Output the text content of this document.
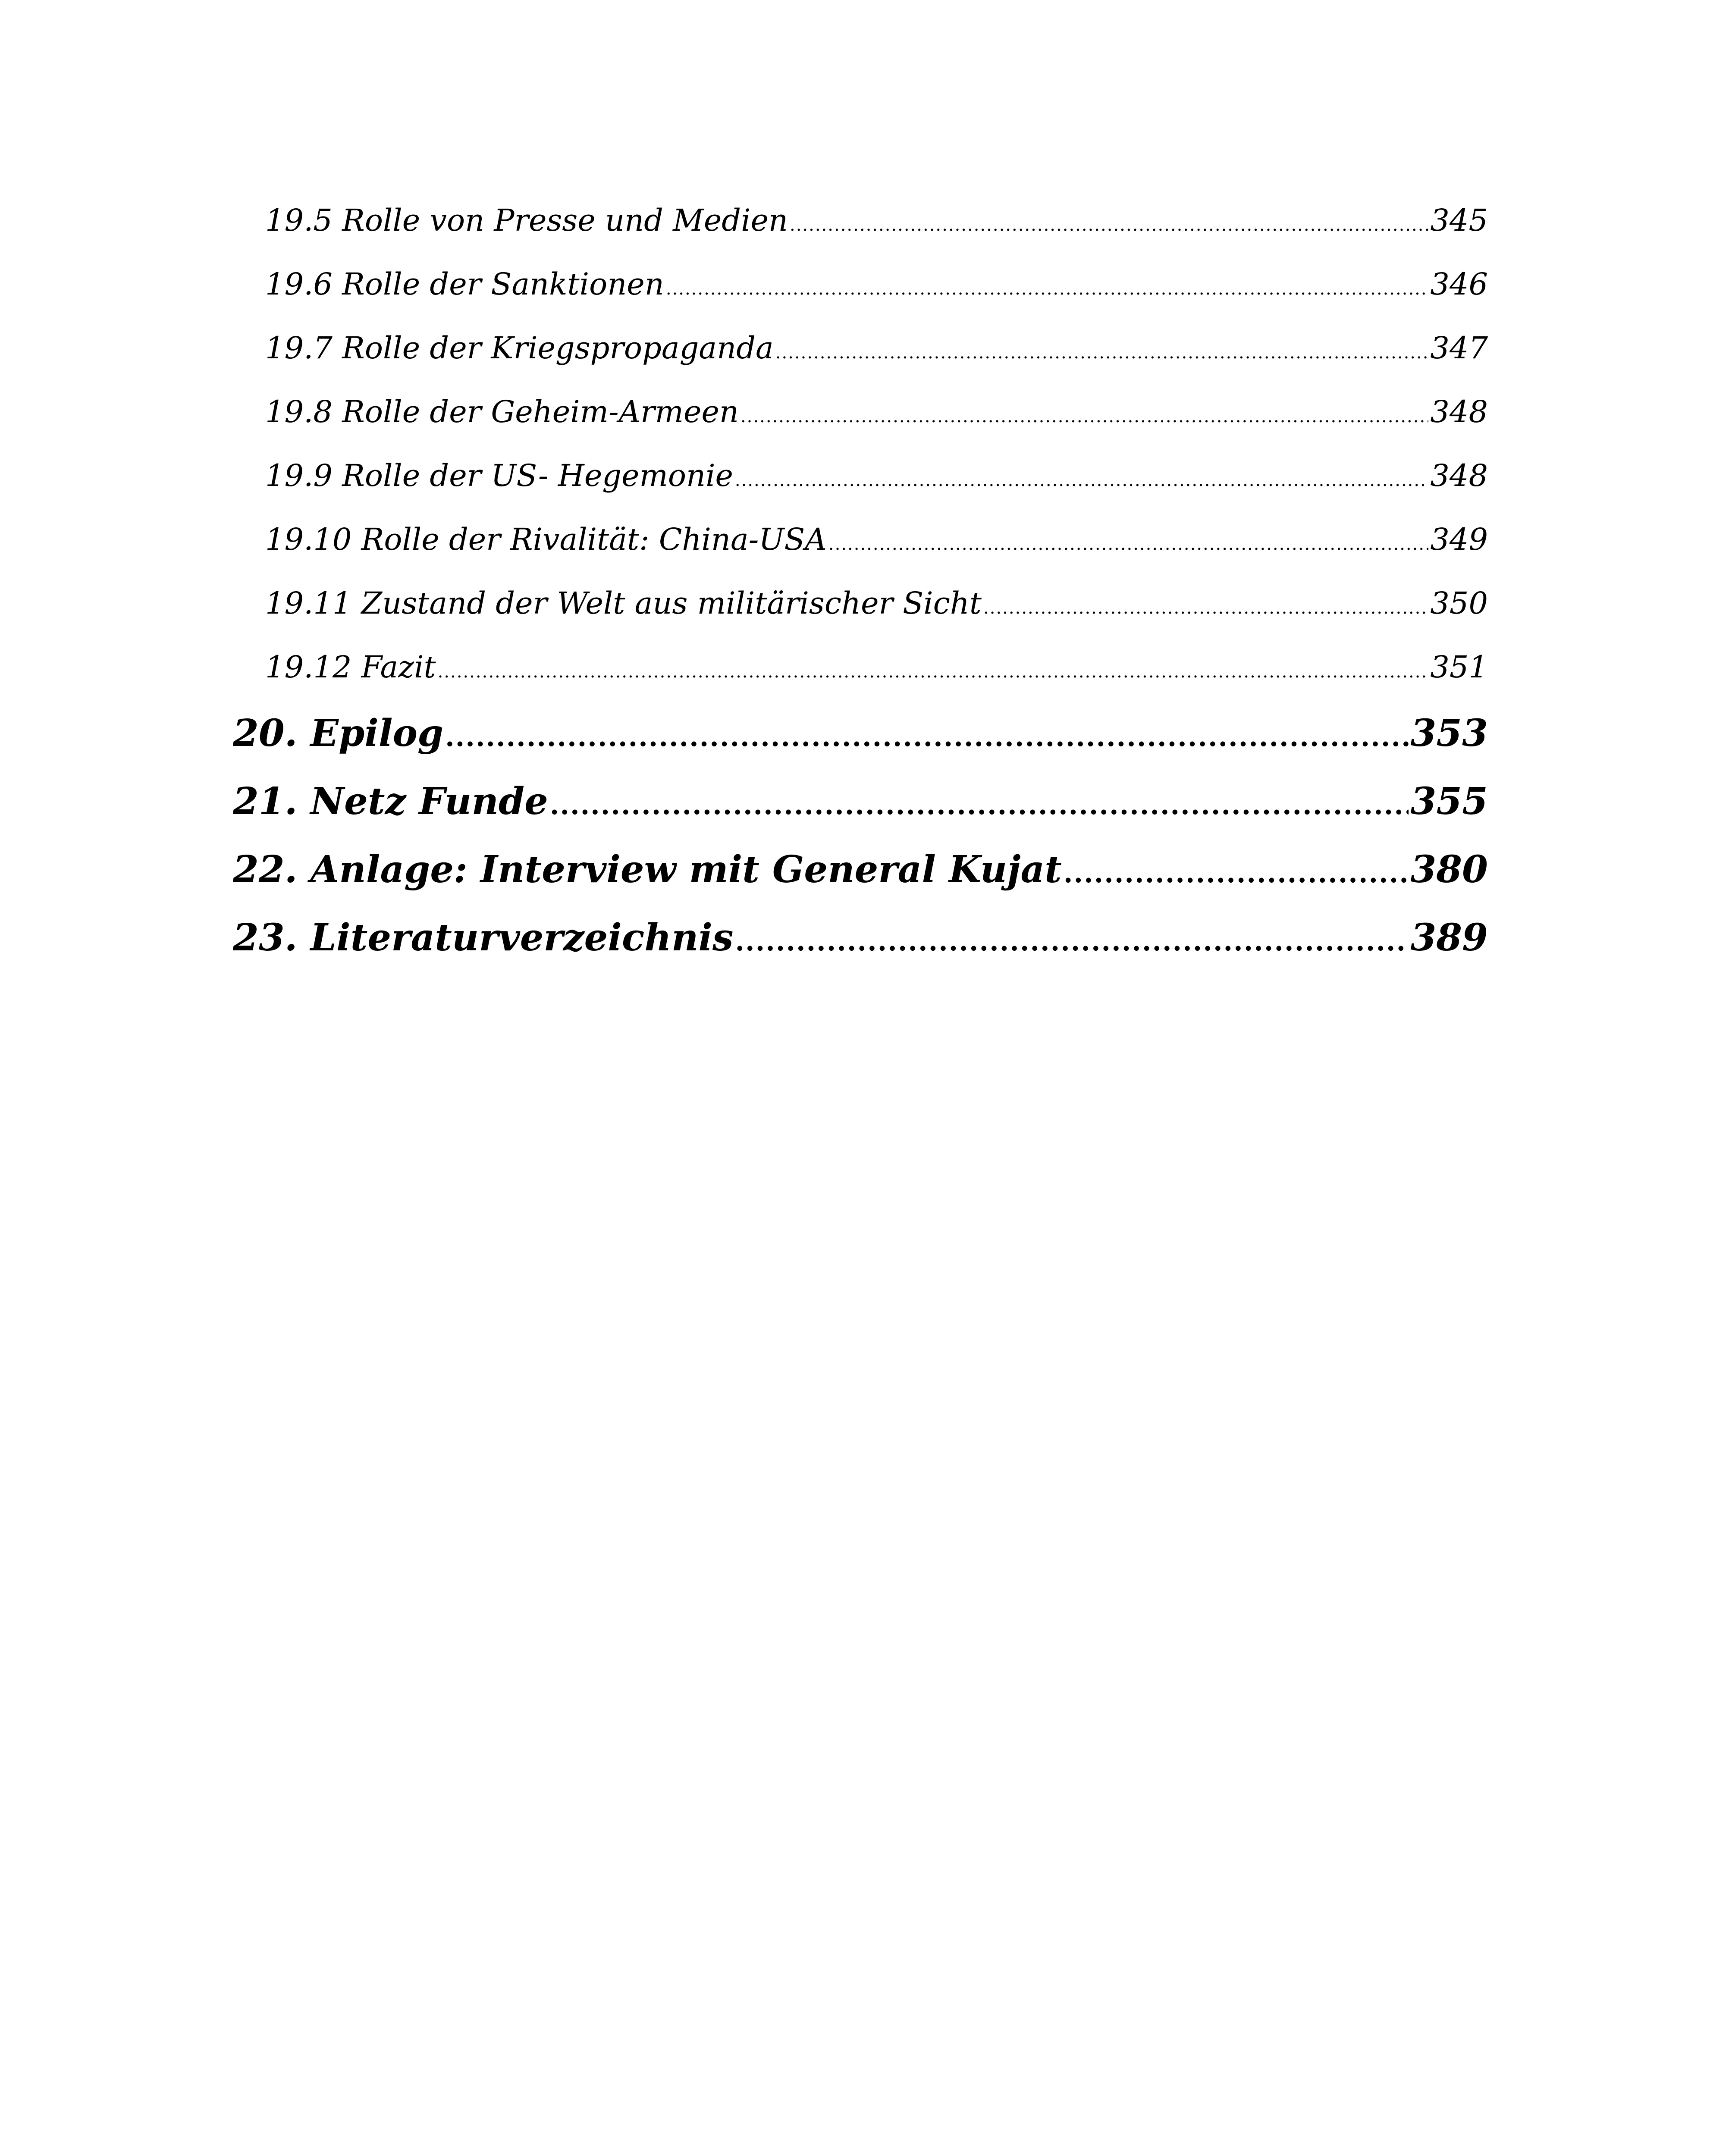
19.5 Rolle von Presse und Medien .....	345
19.6 Rolle der Sanktionen .....	346
19.7 Rolle der Kriegspropaganda .....	347
19.8 Rolle der Geheim-Armeen .....	348
19.9 Rolle der US- Hegemonie .....	348
19.10 Rolle der Rivalität: China-USA .....	349
19.11 Zustand der Welt aus militärischer Sicht .....	350
19.12 Fazit .....	351
20. Epilog .....	353
21. Netz Funde .....	355
22. Anlage: Interview mit General Kujat .....	380
23. Literaturverzeichnis .....	389
